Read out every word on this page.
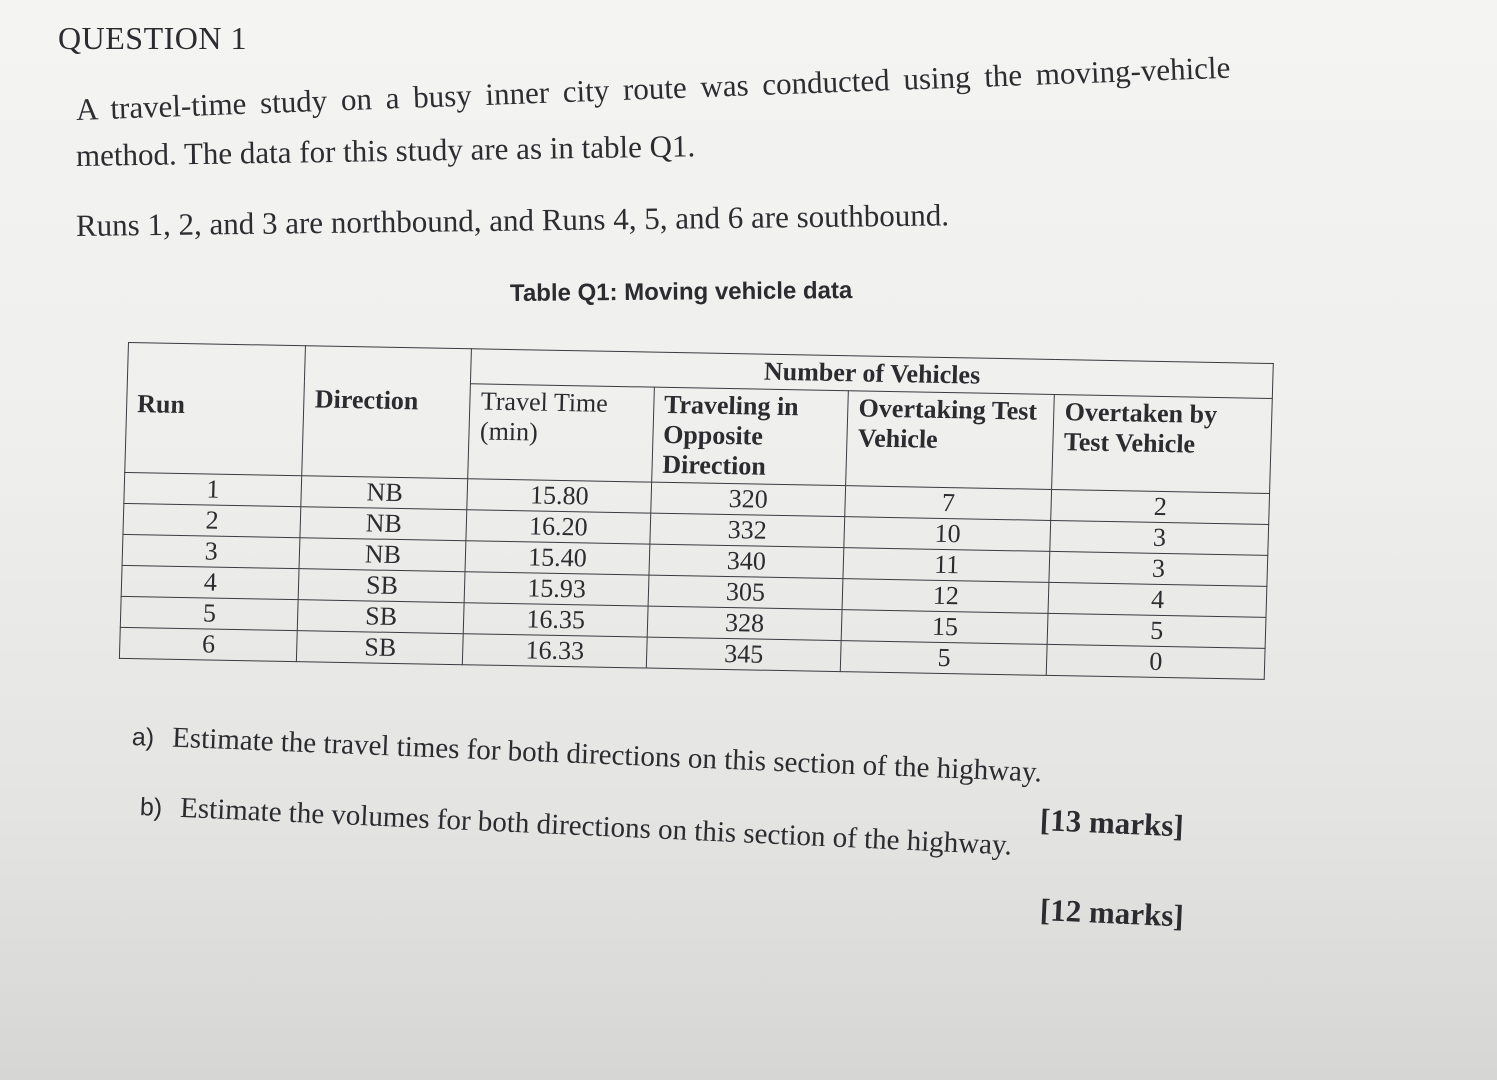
QUESTION 1
A travel-time study on a busy inner city route was conducted using the moving-vehicle
method. The data for this study are as in table Q1.
Runs 1, 2, and 3 are northbound, and Runs 4, 5, and 6 are southbound.
Table Q1: Moving vehicle data
Run	Direction	Number of Vehicles			
		Travel Time (min)	Traveling in Opposite Direction	Overtaking Test Vehicle	Overtaken by Test Vehicle
1	NB	15.80	320	7	2
2	NB	16.20	332	10	3
3	NB	15.40	340	11	3
4	SB	15.93	305	12	4
5	SB	16.35	328	15	5
6	SB	16.33	345	5	0
a) Estimate the travel times for both directions on this section of the highway.
[13 marks]
b) Estimate the volumes for both directions on this section of the highway.
[12 marks]
